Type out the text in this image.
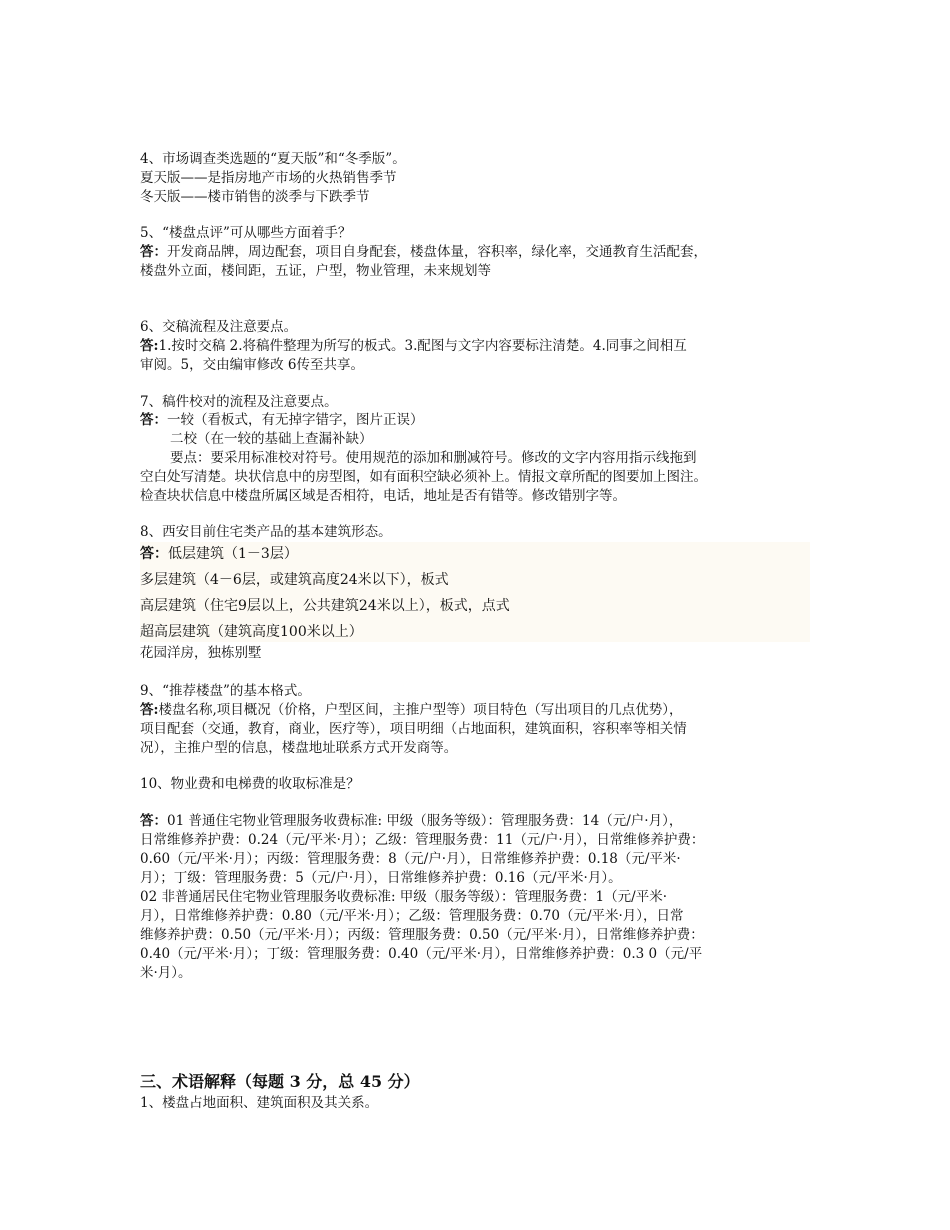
4、市场调查类选题的“夏天版”和“冬季版”。
夏天版——是指房地产市场的火热销售季节
冬天版——楼市销售的淡季与下跌季节
5、“楼盘点评”可从哪些方面着手？
答：开发商品牌，周边配套，项目自身配套，楼盘体量，容积率，绿化率，交通教育生活配套，
楼盘外立面，楼间距，五证，户型，物业管理，未来规划等
6、交稿流程及注意要点。
答:1.按时交稿 2.将稿件整理为所写的板式。3.配图与文字内容要标注清楚。4.同事之间相互
审阅。5，交由编审修改 6传至共享。
7、稿件校对的流程及注意要点。
答：一较（看板式，有无掉字错字，图片正误）
二校（在一较的基础上查漏补缺）
要点：要采用标准校对符号。使用规范的添加和删减符号。修改的文字内容用指示线拖到
空白处写清楚。块状信息中的房型图，如有面积空缺必须补上。情报文章所配的图要加上图注。
检查块状信息中楼盘所属区域是否相符，电话，地址是否有错等。修改错别字等。
8、西安目前住宅类产品的基本建筑形态。
答：低层建筑（1－3层）
多层建筑（4－6层，或建筑高度24米以下），板式
高层建筑（住宅9层以上，公共建筑24米以上），板式，点式
超高层建筑（建筑高度100米以上）
花园洋房，独栋别墅
9、“推荐楼盘”的基本格式。
答:楼盘名称,项目概况（价格，户型区间，主推户型等）项目特色（写出项目的几点优势），
项目配套（交通，教育，商业，医疗等），项目明细（占地面积，建筑面积，容积率等相关情
况），主推户型的信息，楼盘地址联系方式开发商等。
10、物业费和电梯费的收取标准是？
答：01 普通住宅物业管理服务收费标准: 甲级（服务等级）：管理服务费：14（元/户·月），
日常维修养护费：0.24（元/平米·月）；乙级：管理服务费：11（元/户·月），日常维修养护费：
0.60（元/平米·月）；丙级：管理服务费：8（元/户·月），日常维修养护费：0.18（元/平米·
月）；丁级：管理服务费：5（元/户·月），日常维修养护费：0.16（元/平米·月）。
02 非普通居民住宅物业管理服务收费标准: 甲级（服务等级）：管理服务费：1（元/平米·
月），日常维修养护费：0.80（元/平米·月）；乙级：管理服务费：0.70（元/平米·月），日常
维修养护费：0.50（元/平米·月）；丙级：管理服务费：0.50（元/平米·月），日常维修养护费：
0.40（元/平米·月）；丁级：管理服务费：0.40（元/平米·月），日常维修养护费：0.3 0（元/平
米·月）。
三、术语解释（每题 3 分，总 45 分）
1、楼盘占地面积、建筑面积及其关系。
